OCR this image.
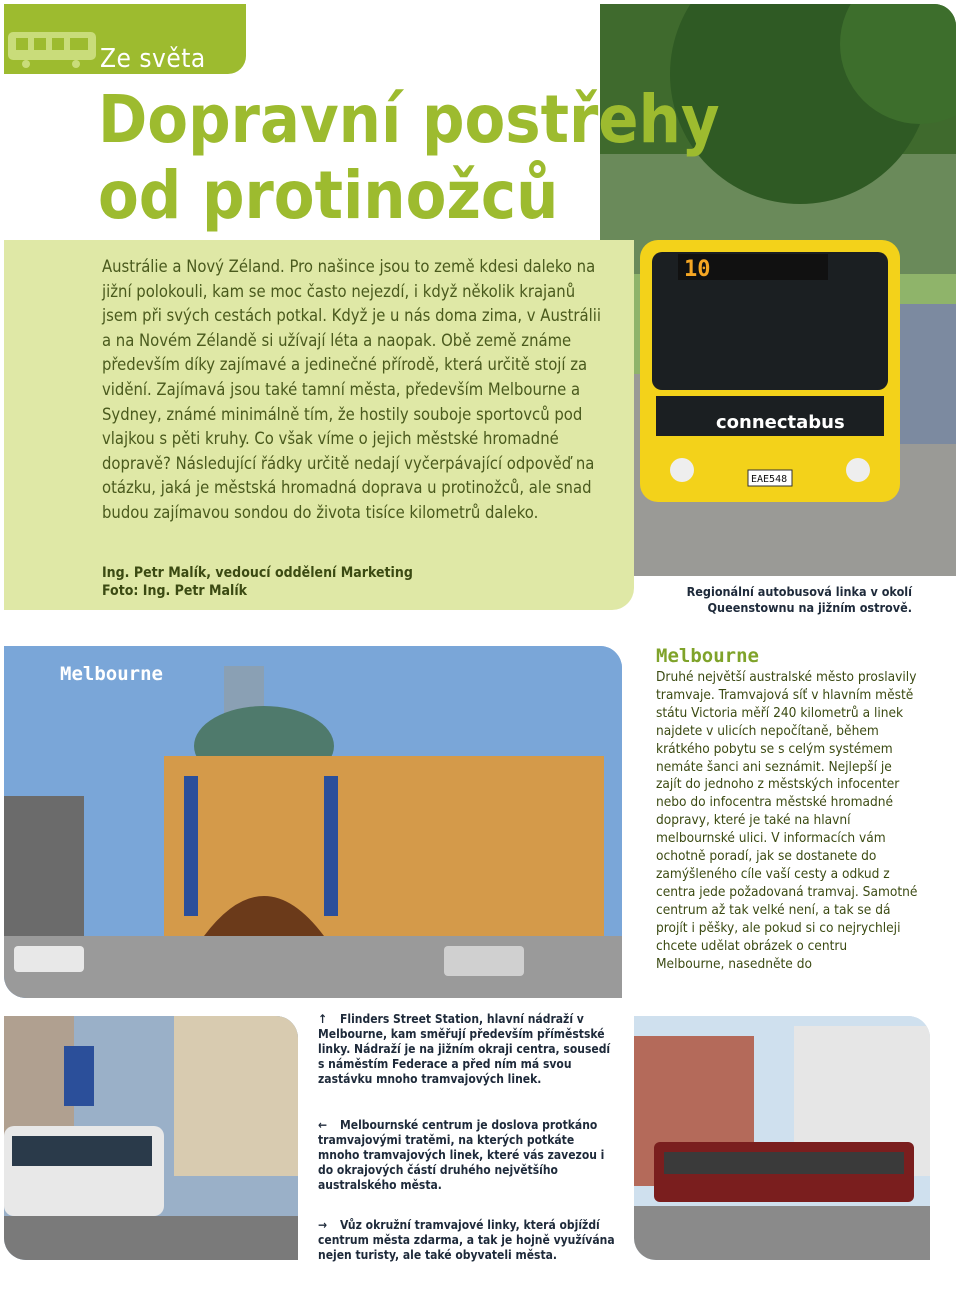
Ze světa
10
connectabus
EAE548
Dopravní postřehy
od protinožců
Austrálie a Nový Zéland. Pro našince jsou to země kdesi daleko na jižní polokouli, kam se moc často nejezdí, i když několik krajanů jsem při svých cestách potkal. Když je u nás doma zima, v Austrálii a na Novém Zélandě si užívají léta a naopak. Obě země známe především díky zajímavé a jedinečné přírodě, která určitě stojí za vidění. Zajímavá jsou také tamní města, především Melbourne a Sydney, známé minimálně tím, že hostily souboje sportovců pod vlajkou s pěti kruhy. Co však víme o jejich městské hromadné dopravě? Následující řádky určitě nedají vyčerpávající odpověď na otázku, jaká je městská hromadná doprava u protinožců, ale snad budou zajímavou sondou do života tisíce kilometrů daleko.
Ing. Petr Malík, vedoucí oddělení Marketing
Foto: Ing. Petr Malík	Regionální autobusová linka v okolí Queenstownu na jižním ostrově.
Melbourne
Melbourne
Druhé největší australské město proslavily tramvaje. Tramvajová síť v hlavním městě státu Victoria měří 240 kilometrů a linek najdete v ulicích nepočítaně, během krátkého pobytu se s celým systémem nemáte šanci ani seznámit. Nejlepší je zajít do jednoho z městských infocenter nebo do infocentra městské hromadné dopravy, které je také na hlavní melbournské ulici. V informacích vám ochotně poradí, jak se dostanete do zamýšleného cíle vaší cesty a odkud z centra jede požadovaná tramvaj. Samotné centrum až tak velké není, a tak se dá projít i pěšky, ale pokud si co nejrychleji chcete udělat obrázek o centru Melbourne, nasedněte do
↑ Flinders Street Station, hlavní nádraží v Melbourne, kam směřují především příměstské linky. Nádraží je na jižním okraji centra, sousedí s náměstím Federace a před ním má svou zastávku mnoho tramvajových linek.
← Melbournské centrum je doslova protkáno tramvajovými tratěmi, na kterých potkáte mnoho tramvajových linek, které vás zavezou i do okrajových částí druhého největšího australského města.
→ Vůz okružní tramvajové linky, která objíždí centrum města zdarma, a tak je hojně využívána nejen turisty, ale také obyvateli města.
